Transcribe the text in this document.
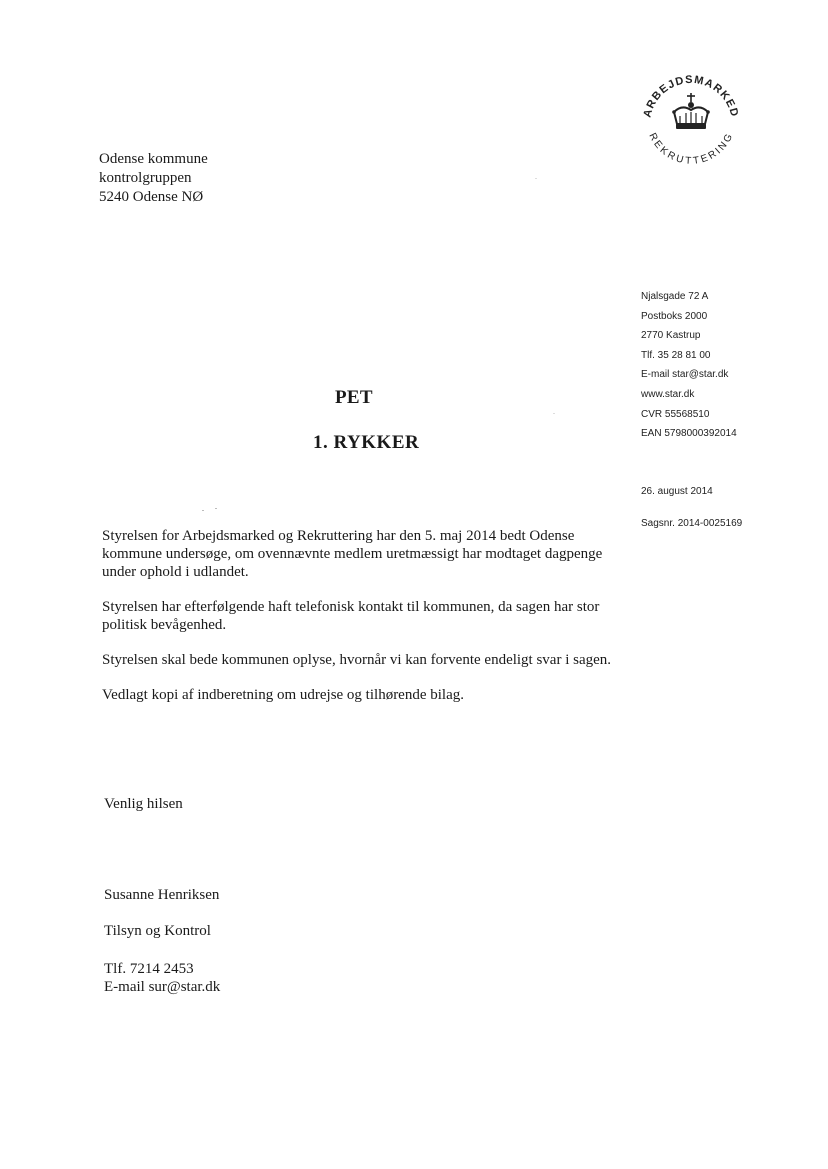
Odense kommune
kontrolgruppen
5240 Odense NØ
ARBEJDSMARKED
REKRUTTERING
Njalsgade 72 A
Postboks 2000
2770 Kastrup
Tlf. 35 28 81 00
E-mail star@star.dk
www.star.dk
CVR 55568510
EAN 5798000392014
26. august 2014
Sagsnr. 2014-0025169
PET
1. RYKKER

Styrelsen for Arbejdsmarked og Rekruttering har den 5. maj 2014 bedt Odense kommune undersøge, om ovennævnte medlem uretmæssigt har modtaget dagpenge under ophold i udlandet.

Styrelsen har efterfølgende haft telefonisk kontakt til kommunen, da sagen har stor politisk bevågenhed.

Styrelsen skal bede kommunen oplyse, hvornår vi kan forvente endeligt svar i sagen.

Vedlagt kopi af indberetning om udrejse og tilhørende bilag.

Venlig hilsen
Susanne Henriksen
Tilsyn og Kontrol
Tlf. 7214 2453
E-mail sur@star.dk
